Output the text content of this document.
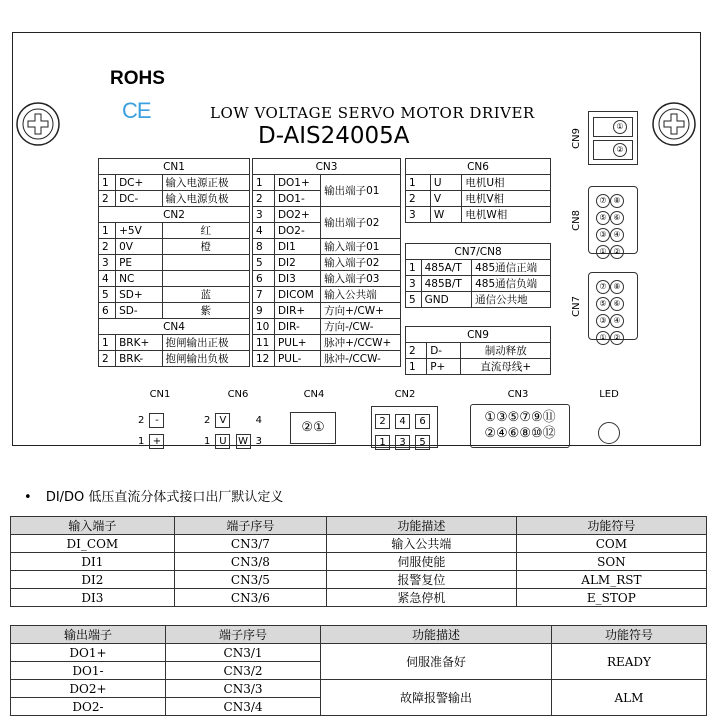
ROHS
CE	LOW VOLTAGE SERVO MOTOR DRIVER
D-AIS24005A
CN1		
1	DC+	输入电源正极
2	DC-	输入电源负极
CN2		
1	+5V	红
2	0V	橙
3	PE	
4	NC	
5	SD+	蓝
6	SD-	紫
CN4		
1	BRK+	抱闸输出正极
2	BRK-	抱闸输出负极
CN3		
1	DO1+	输出端子01
2	DO1-	
3	DO2+	输出端子02
4	DO2-	
8	DI1	输入端子01
5	DI2	输入端子02
6	DI3	输入端子03
7	DICOM	输入公共端
9	DIR+	方向+/CW+
10	DIR-	方向-/CW-
11	PUL+	脉冲+/CCW+
12	PUL-	脉冲-/CCW-
CN6		
1	U	电机U相
2	V	电机V相
3	W	电机W相
CN7/CN8		
1	485A/T	485通信正端
3	485B/T	485通信负端
5	GND	通信公共地
CN9		
2	D-	制动释放
1	P+	直流母线+
CN9
①
②
CN8
⑦ ⑧
⑤ ⑥
③ ④
① ②
CN7
⑦ ⑧
⑤ ⑥
③ ④
① ②
CN1
2 -
1 +
CN6
2 V	4
1 U W 3
CN4
②①
CN2
2 4 6
1 3 5
CN3
①③⑤⑦⑨⑪
②④⑥⑧⑩⑫
LED
• DI/DO 低压直流分体式接口出厂默认定义
输入端子	端子序号	功能描述	功能符号
DI_COM	CN3/7	输入公共端	COM
DI1	CN3/8	伺服使能	SON
DI2	CN3/5	报警复位	ALM_RST
DI3	CN3/6	紧急停机	E_STOP
输出端子	端子序号	功能描述	功能符号
DO1+	CN3/1	伺服准备好	READY
DO1-	CN3/2		
DO2+	CN3/3	故障报警输出	ALM
DO2-	CN3/4		
